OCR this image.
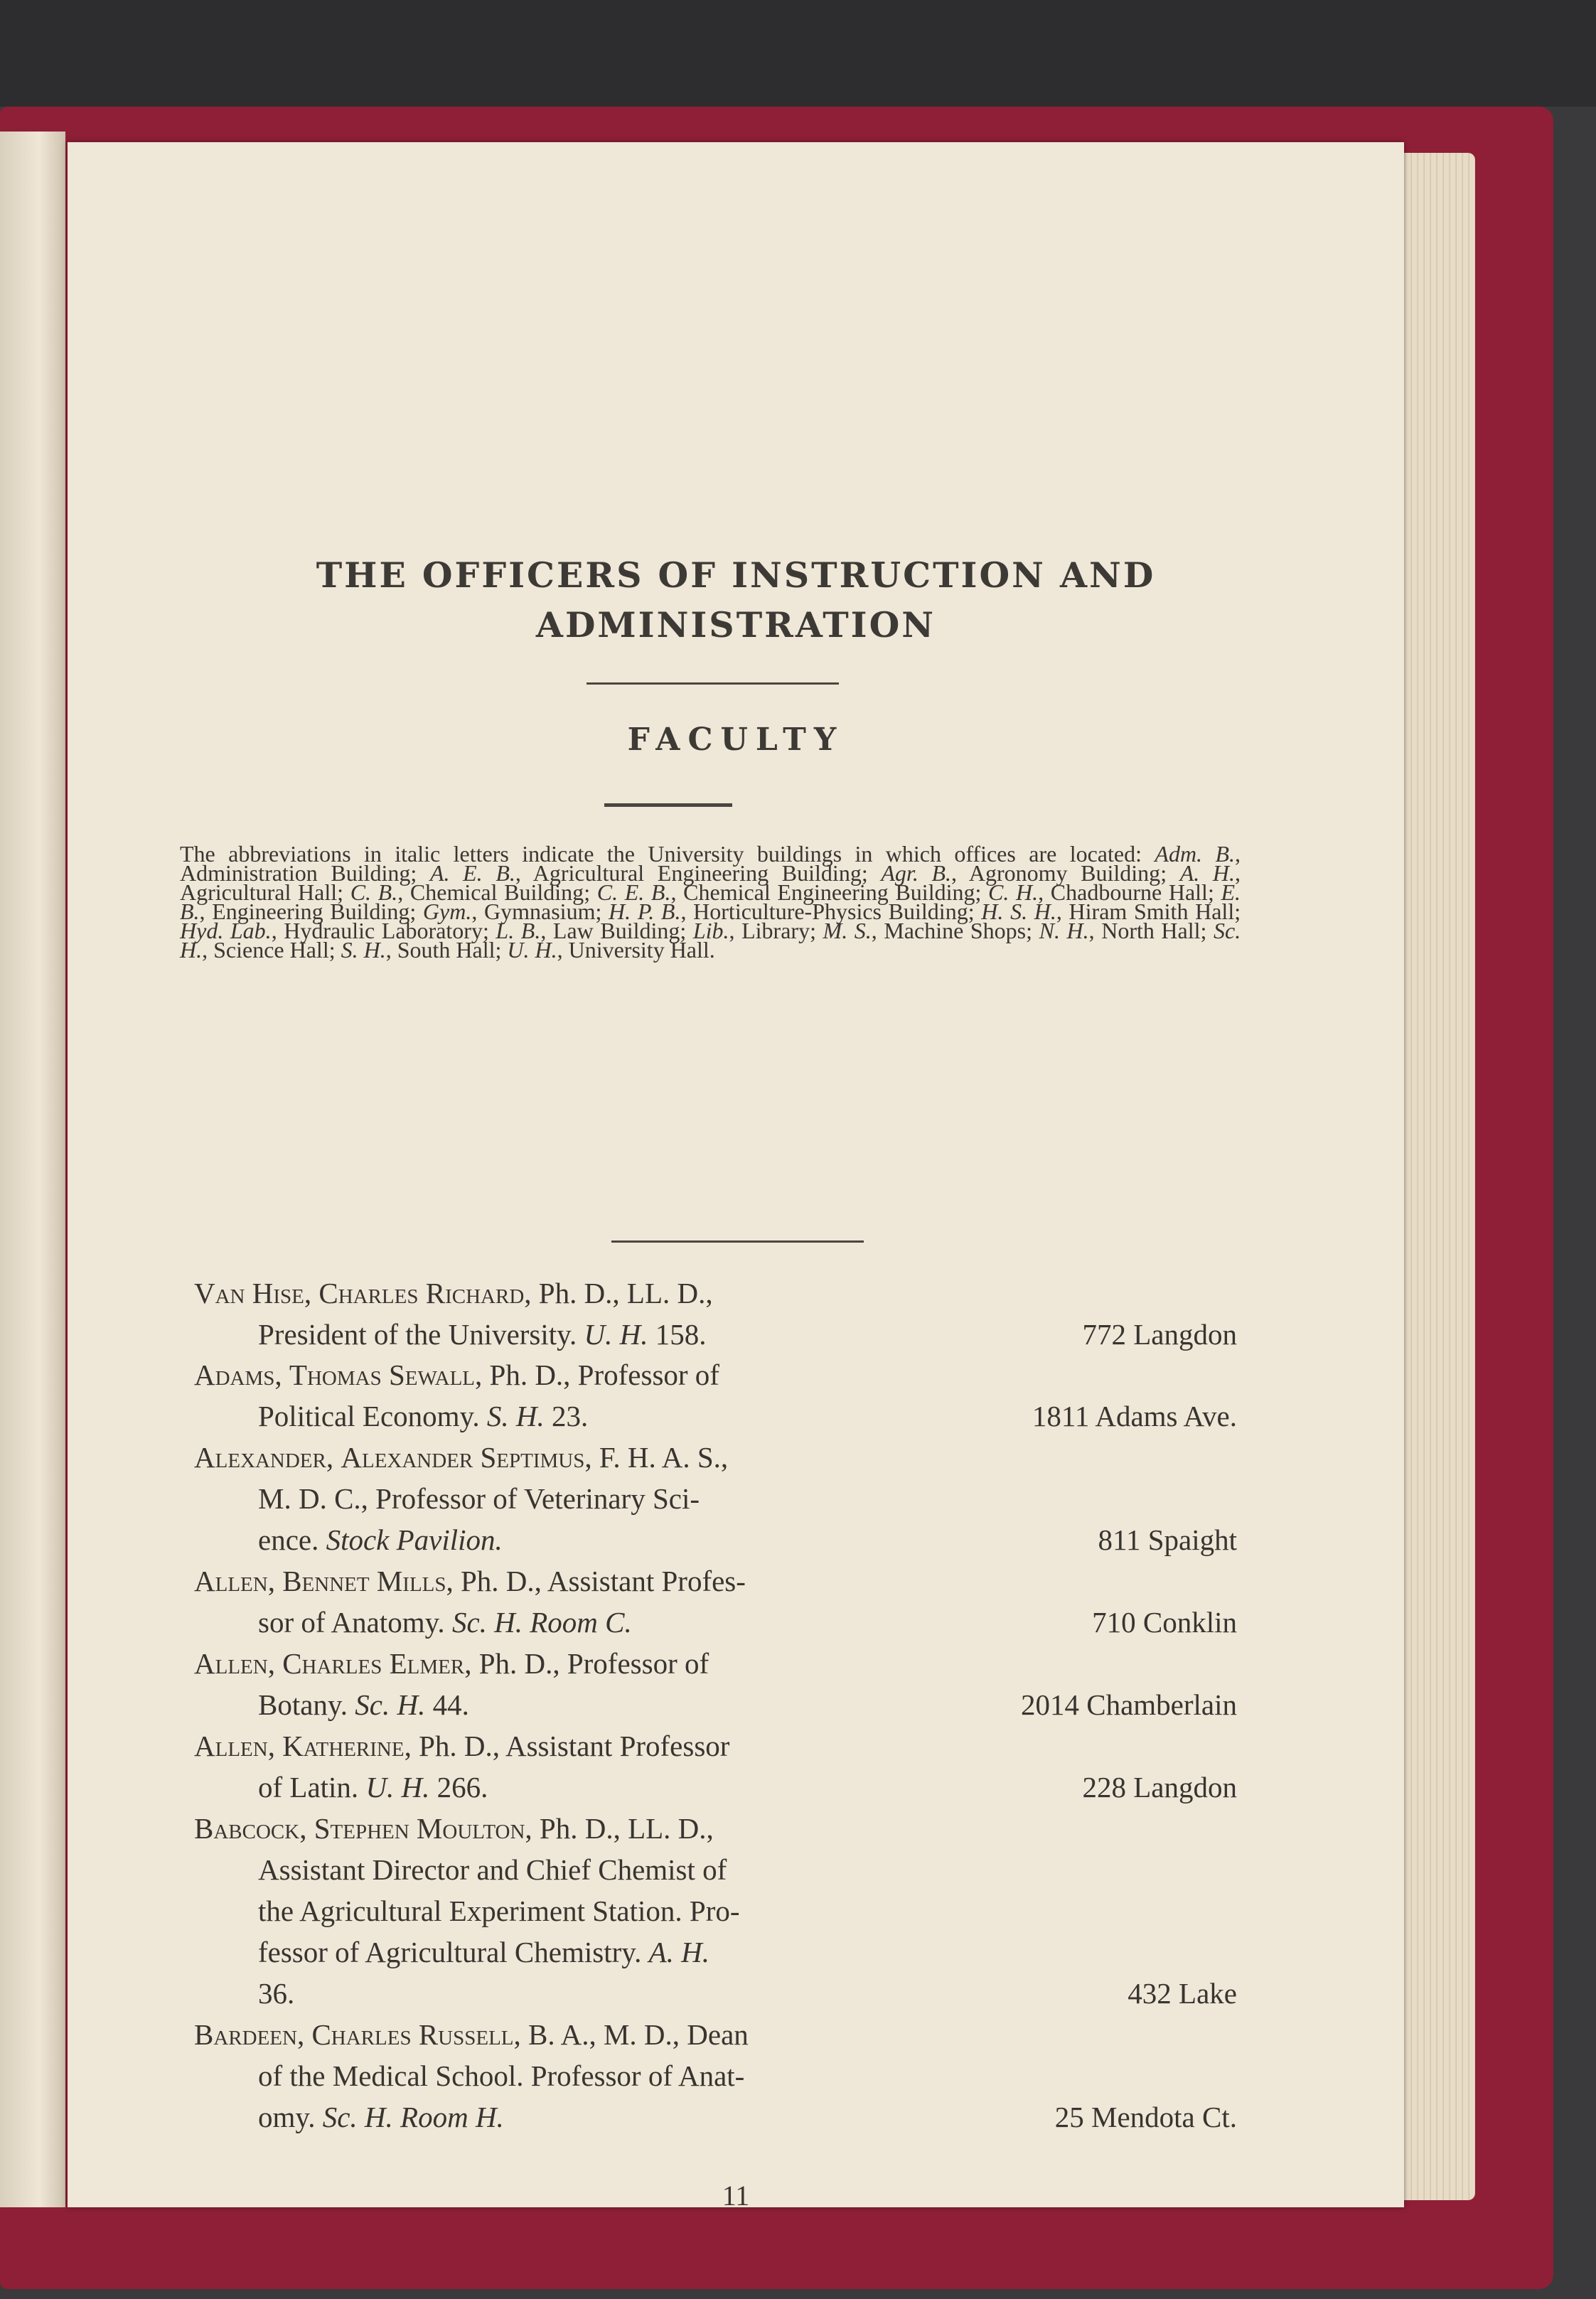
THE OFFICERS OF INSTRUCTION AND
ADMINISTRATION
FACULTY
The abbreviations in italic letters indicate the University buildings in which offices are located: Adm. B., Administration Building; A. E. B., Agricultural Engineering Building; Agr. B., Agronomy Building; A. H., Agricultural Hall; C. B., Chemical Building; C. E. B., Chemical Engineering Building; C. H., Chadbourne Hall; E. B., Engineering Building; Gym., Gymnasium; H. P. B., Horticulture-Physics Building; H. S. H., Hiram Smith Hall; Hyd. Lab., Hydraulic Laboratory; L. B., Law Building; Lib., Library; M. S., Machine Shops; N. H., North Hall; Sc. H., Science Hall; S. H., South Hall; U. H., University Hall.
Van Hise, Charles Richard, Ph. D., LL. D.,
President of the University. U. H. 158.	772 Langdon
Adams, Thomas Sewall, Ph. D., Professor of
Political Economy. S. H. 23.	1811 Adams Ave.
Alexander, Alexander Septimus, F. H. A. S.,
M. D. C., Professor of Veterinary Sci-
ence. Stock Pavilion.	811 Spaight
Allen, Bennet Mills, Ph. D., Assistant Profes-
sor of Anatomy. Sc. H. Room C.	710 Conklin
Allen, Charles Elmer, Ph. D., Professor of
Botany. Sc. H. 44.	2014 Chamberlain
Allen, Katherine, Ph. D., Assistant Professor
of Latin. U. H. 266.	228 Langdon
Babcock, Stephen Moulton, Ph. D., LL. D.,
Assistant Director and Chief Chemist of
the Agricultural Experiment Station. Pro-
fessor of Agricultural Chemistry. A. H.
36.	432 Lake
Bardeen, Charles Russell, B. A., M. D., Dean
of the Medical School. Professor of Anat-
omy. Sc. H. Room H.	25 Mendota Ct.
11
